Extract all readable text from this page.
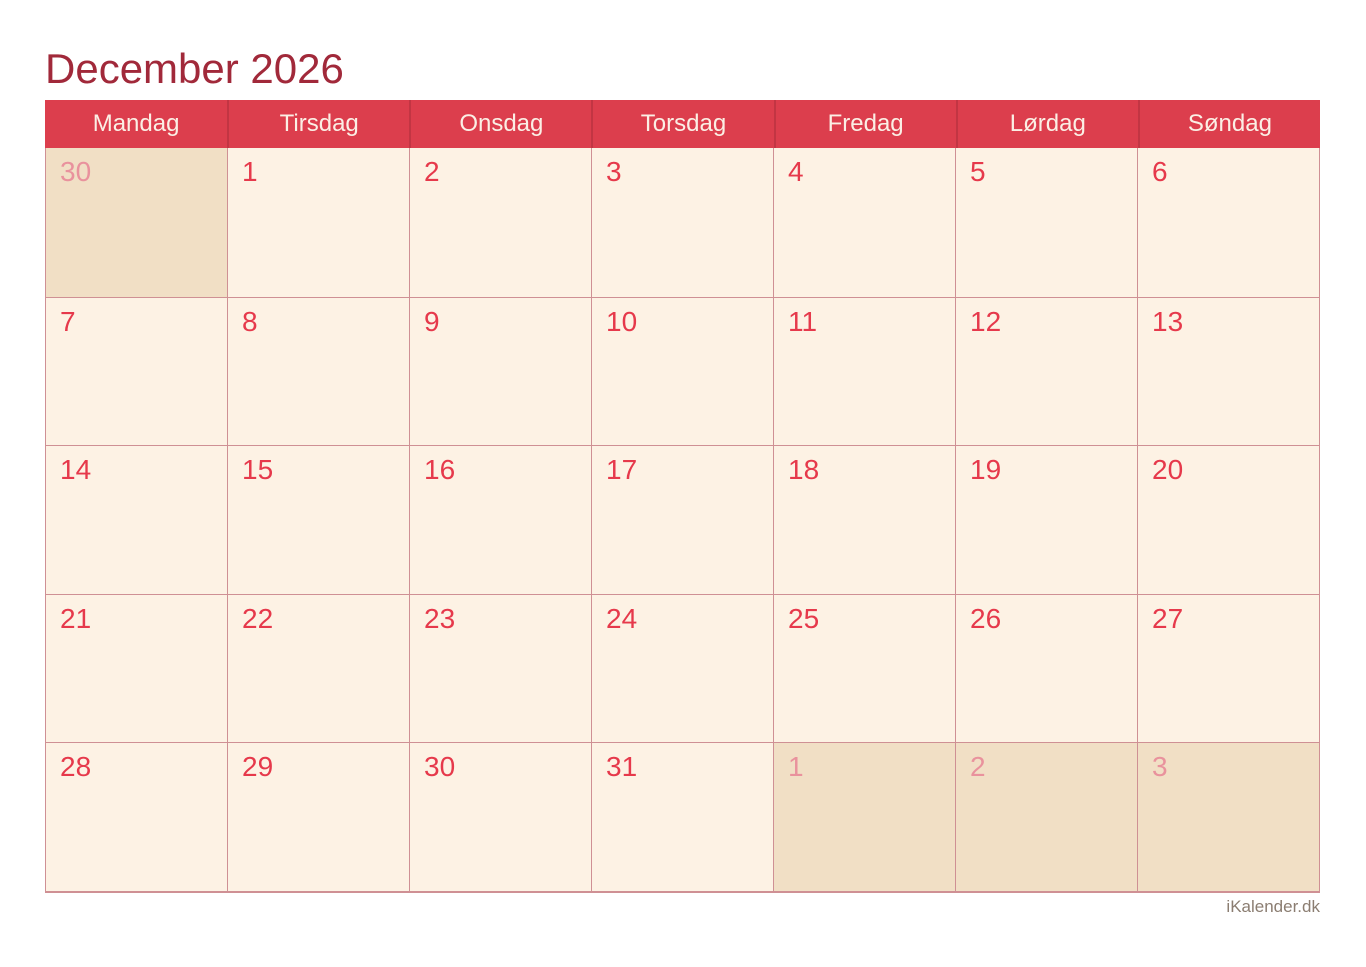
December 2026
Mandag	Tirsdag	Onsdag	Torsdag	Fredag	Lørdag	Søndag
30	1	2	3	4	5	6
7	8	9	10	11	12	13
14	15	16	17	18	19	20
21	22	23	24	25	26	27
28	29	30	31	1	2	3
iKalender.dk
